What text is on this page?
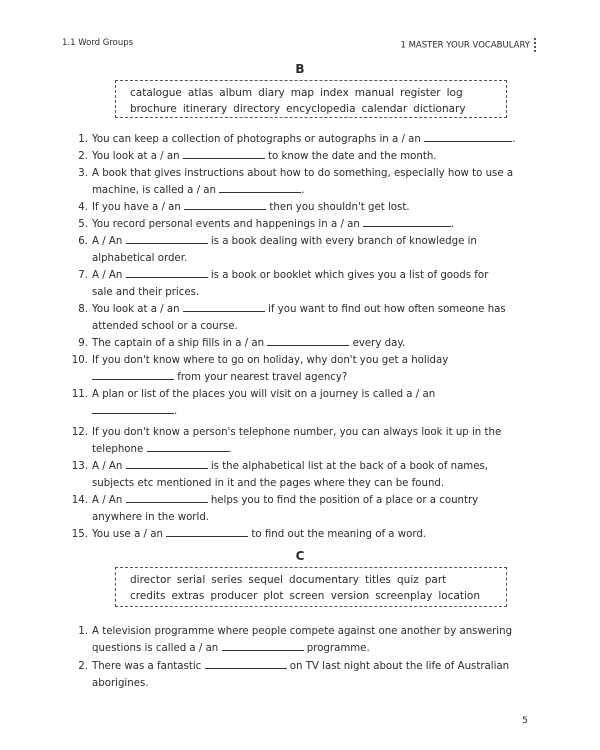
1.1 Word Groups	1 MASTER YOUR VOCABULARY
B
catalogue atlas album diary map index manual register log
brochure itinerary directory encyclopedia calendar dictionary
1. You can keep a collection of photographs or autographs in a / an	.
2. You look at a / an	to know the date and the month.
3. A book that gives instructions about how to do something, especially how to use a
machine, is called a / an	.
4. If you have a / an	then you shouldn't get lost.
5. You record personal events and happenings in a / an	.
6. A / An	is a book dealing with every branch of knowledge in
alphabetical order.
7. A / An	is a book or booklet which gives you a list of goods for
sale and their prices.
8. You look at a / an	if you want to find out how often someone has
attended school or a course.
9. The captain of a ship fills in a / an	every day.
10. If you don't know where to go on holiday, why don't you get a holiday
from your nearest travel agency?
11. A plan or list of the places you will visit on a journey is called a / an
.
12. If you don't know a person's telephone number, you can always look it up in the
telephone	.
13. A / An	is the alphabetical list at the back of a book of names,
subjects etc mentioned in it and the pages where they can be found.
14. A / An	helps you to find the position of a place or a country
anywhere in the world.
15. You use a / an	to find out the meaning of a word.
C
director serial series sequel documentary titles quiz part
credits extras producer plot screen version screenplay location
1. A television programme where people compete against one another by answering
questions is called a / an	programme.
2. There was a fantastic	on TV last night about the life of Australian
aborigines.
5
